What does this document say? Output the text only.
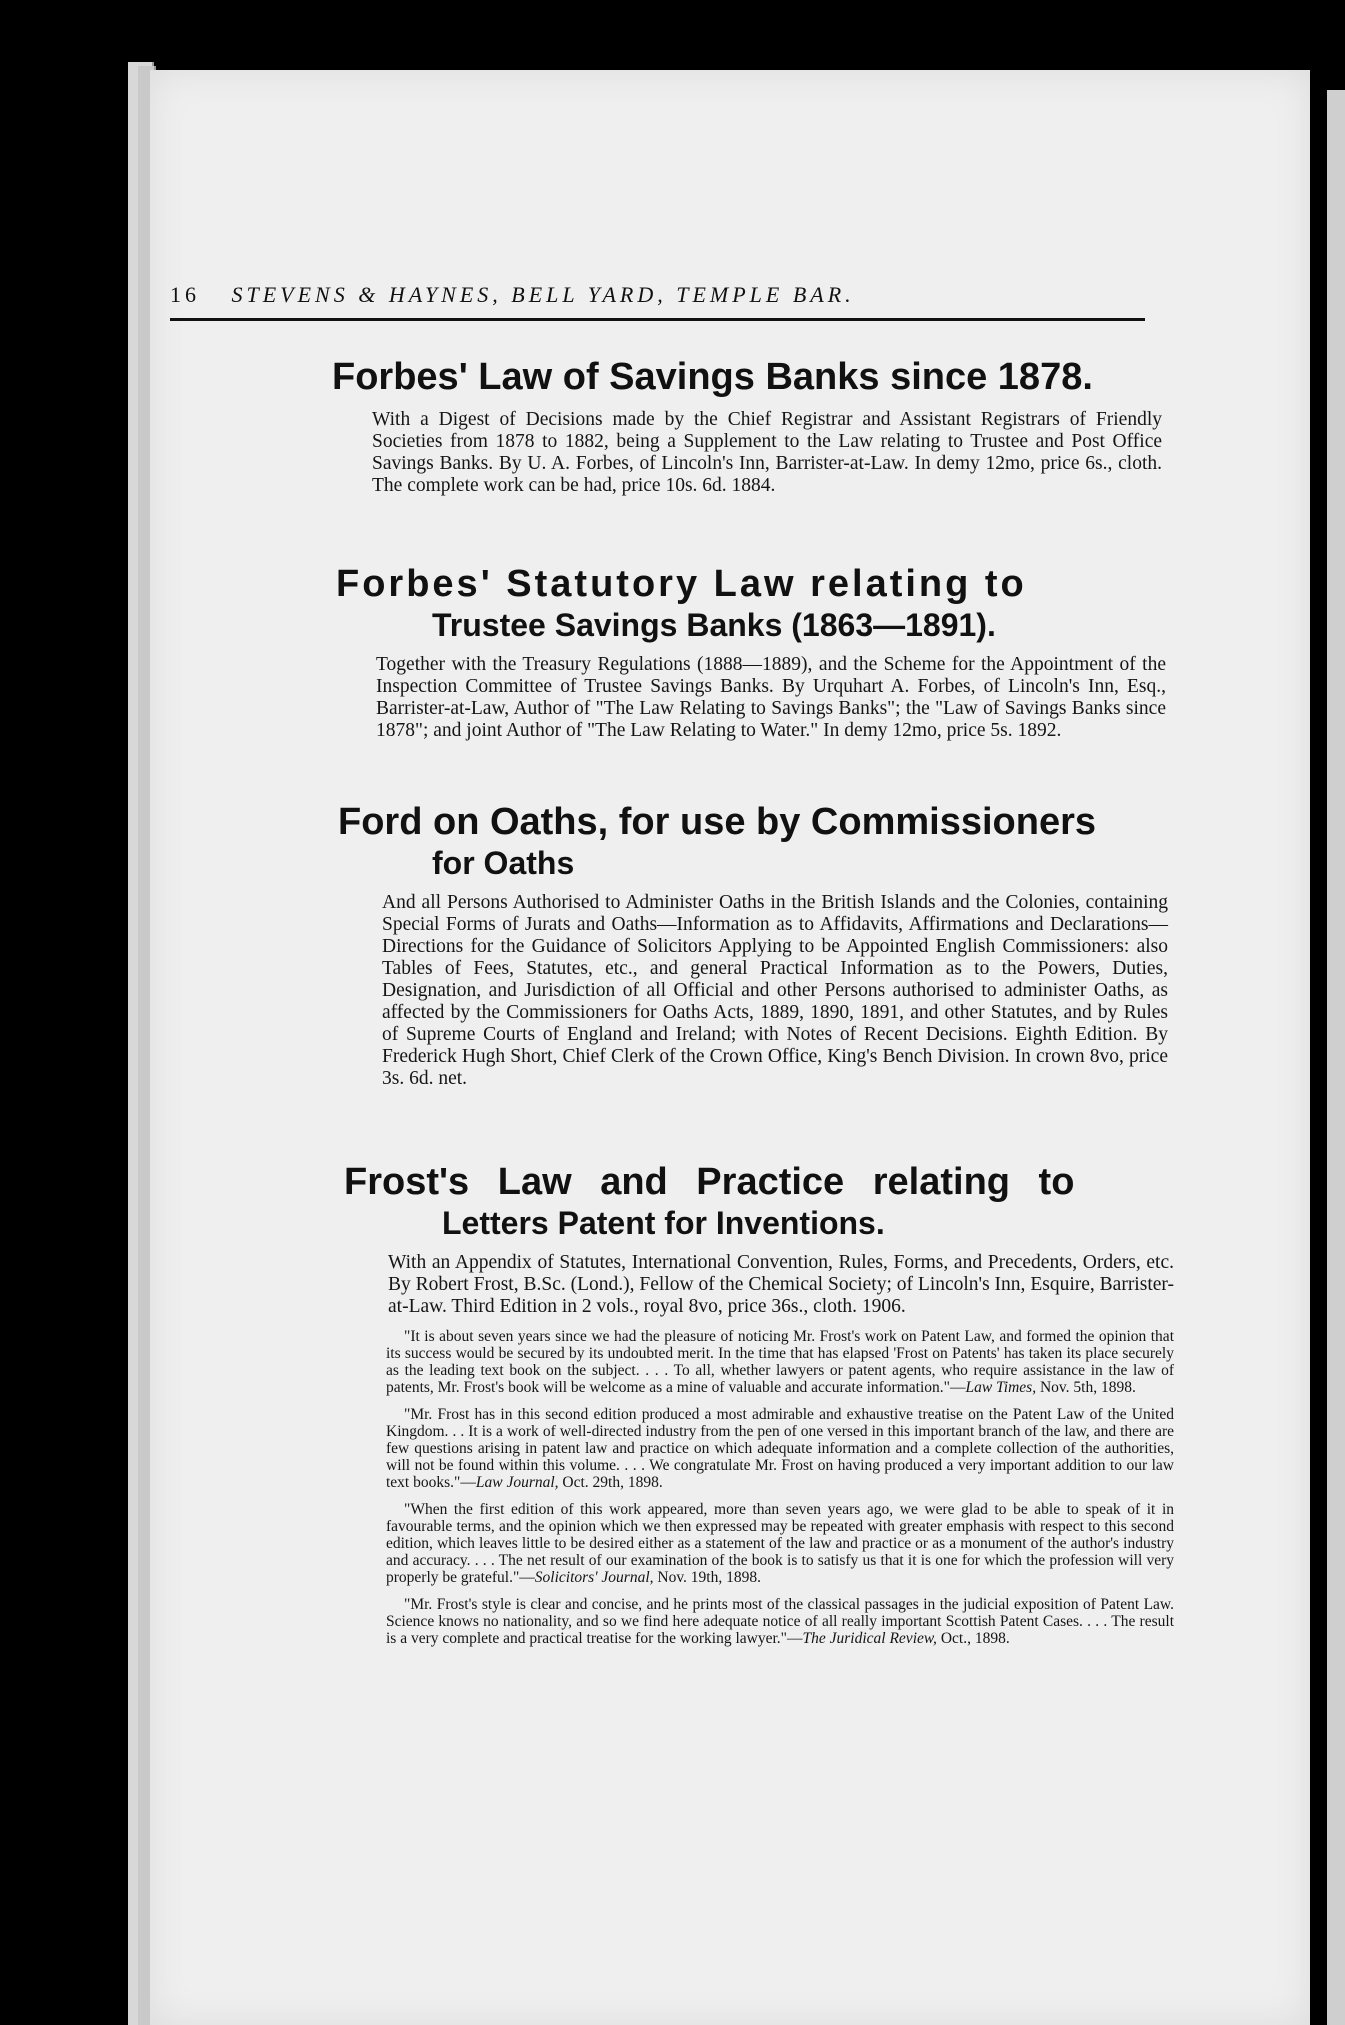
16 STEVENS & HAYNES, BELL YARD, TEMPLE BAR.
Forbes' Law of Savings Banks since 1878.

With a Digest of Decisions made by the Chief Registrar and Assistant Registrars of Friendly Societies from 1878 to 1882, being a Supplement to the Law relating to Trustee and Post Office Savings Banks. By U. A. Forbes, of Lincoln's Inn, Barrister-at-Law. In demy 12mo, price 6s., cloth. The complete work can be had, price 10s. 6d. 1884.

Forbes' Statutory Law relating to
Trustee Savings Banks (1863—1891).

Together with the Treasury Regulations (1888—1889), and the Scheme for the Appointment of the Inspection Committee of Trustee Savings Banks. By Urquhart A. Forbes, of Lincoln's Inn, Esq., Barrister-at-Law, Author of "The Law Relating to Savings Banks"; the "Law of Savings Banks since 1878"; and joint Author of "The Law Relating to Water." In demy 12mo, price 5s. 1892.

Ford on Oaths, for use by Commissioners
for Oaths

And all Persons Authorised to Administer Oaths in the British Islands and the Colonies, containing Special Forms of Jurats and Oaths—Information as to Affidavits, Affirmations and Declarations—Directions for the Guidance of Solicitors Applying to be Appointed English Commissioners: also Tables of Fees, Statutes, etc., and general Practical Information as to the Powers, Duties, Designation, and Jurisdiction of all Official and other Persons authorised to administer Oaths, as affected by the Commissioners for Oaths Acts, 1889, 1890, 1891, and other Statutes, and by Rules of Supreme Courts of England and Ireland; with Notes of Recent Decisions. Eighth Edition. By Frederick Hugh Short, Chief Clerk of the Crown Office, King's Bench Division. In crown 8vo, price 3s. 6d. net.

Frost's Law and Practice relating to
Letters Patent for Inventions.

With an Appendix of Statutes, International Convention, Rules, Forms, and Precedents, Orders, etc. By Robert Frost, B.Sc. (Lond.), Fellow of the Chemical Society; of Lincoln's Inn, Esquire, Barrister-at-Law. Third Edition in 2 vols., royal 8vo, price 36s., cloth. 1906.

"It is about seven years since we had the pleasure of noticing Mr. Frost's work on Patent Law, and formed the opinion that its success would be secured by its undoubted merit. In the time that has elapsed 'Frost on Patents' has taken its place securely as the leading text book on the subject. . . . To all, whether lawyers or patent agents, who require assistance in the law of patents, Mr. Frost's book will be welcome as a mine of valuable and accurate information."—Law Times, Nov. 5th, 1898.

"Mr. Frost has in this second edition produced a most admirable and exhaustive treatise on the Patent Law of the United Kingdom. . . It is a work of well-directed industry from the pen of one versed in this important branch of the law, and there are few questions arising in patent law and practice on which adequate information and a complete collection of the authorities, will not be found within this volume. . . . We congratulate Mr. Frost on having produced a very important addition to our law text books."—Law Journal, Oct. 29th, 1898.

"When the first edition of this work appeared, more than seven years ago, we were glad to be able to speak of it in favourable terms, and the opinion which we then expressed may be repeated with greater emphasis with respect to this second edition, which leaves little to be desired either as a statement of the law and practice or as a monument of the author's industry and accuracy. . . . The net result of our examination of the book is to satisfy us that it is one for which the profession will very properly be grateful."—Solicitors' Journal, Nov. 19th, 1898.

"Mr. Frost's style is clear and concise, and he prints most of the classical passages in the judicial exposition of Patent Law. Science knows no nationality, and so we find here adequate notice of all really important Scottish Patent Cases. . . . The result is a very complete and practical treatise for the working lawyer."—The Juridical Review, Oct., 1898.
